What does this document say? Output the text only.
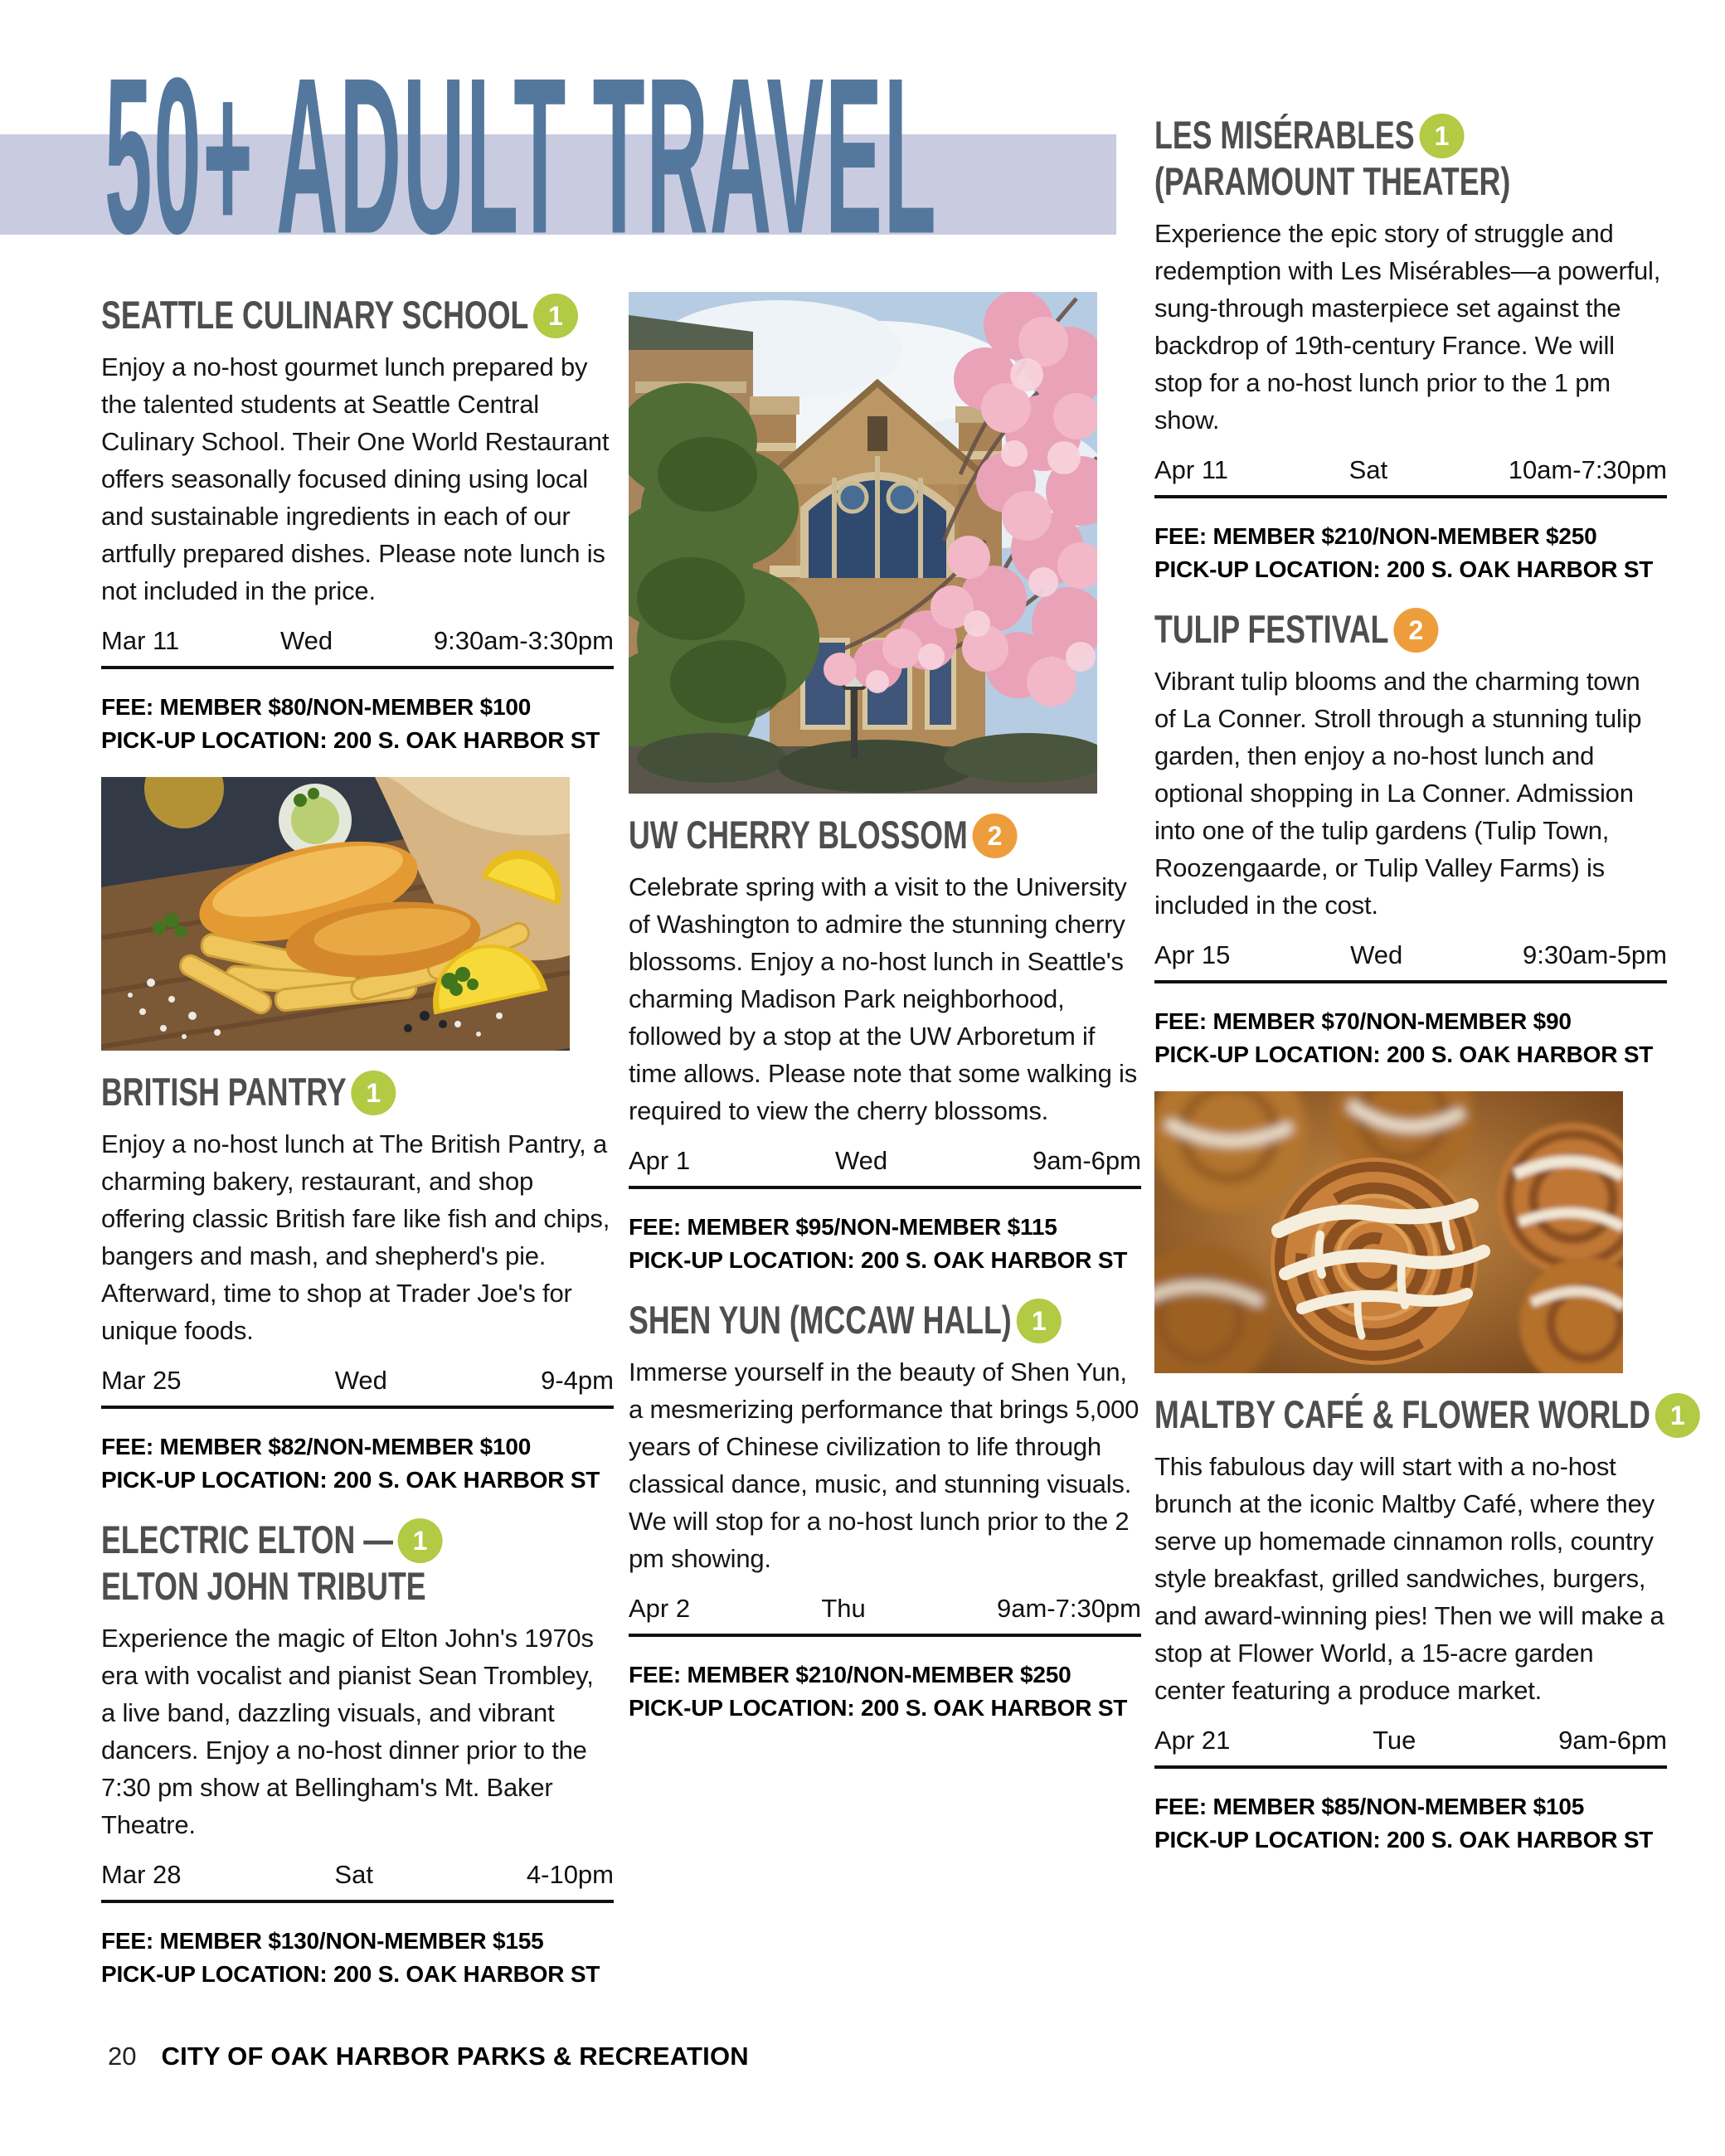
50+ ADULT TRAVEL
SEATTLE CULINARY SCHOOL 1

Enjoy a no-host gourmet lunch prepared by the talented students at Seattle Central Culinary School. Their One World Restaurant offers seasonally focused dining using local and sustainable ingredients in each of our artfully prepared dishes. Please note lunch is not included in the price.

Mar 11	Wed	9:30am-3:30pm
FEE: MEMBER $80/NON-MEMBER $100
PICK-UP LOCATION: 200 S. OAK HARBOR ST
BRITISH PANTRY 1

Enjoy a no-host lunch at The British Pantry, a charming bakery, restaurant, and shop offering classic British fare like fish and chips, bangers and mash, and shepherd's pie. Afterward, time to shop at Trader Joe's for unique foods.

Mar 25	Wed	9-4pm
FEE: MEMBER $82/NON-MEMBER $100
PICK-UP LOCATION: 200 S. OAK HARBOR ST
ELECTRIC ELTON — 1
ELTON JOHN TRIBUTE

Experience the magic of Elton John's 1970s era with vocalist and pianist Sean Trombley, a live band, dazzling visuals, and vibrant dancers. Enjoy a no-host dinner prior to the 7:30 pm show at Bellingham's Mt. Baker Theatre.

Mar 28	Sat	4-10pm
FEE: MEMBER $130/NON-MEMBER $155
PICK-UP LOCATION: 200 S. OAK HARBOR ST
UW CHERRY BLOSSOM 2

Celebrate spring with a visit to the University of Washington to admire the stunning cherry blossoms. Enjoy a no-host lunch in Seattle's charming Madison Park neighborhood, followed by a stop at the UW Arboretum if time allows. Please note that some walking is required to view the cherry blossoms.

Apr 1	Wed	9am-6pm
FEE: MEMBER $95/NON-MEMBER $115
PICK-UP LOCATION: 200 S. OAK HARBOR ST
SHEN YUN (MCCAW HALL) 1

Immerse yourself in the beauty of Shen Yun, a mesmerizing performance that brings 5,000 years of Chinese civilization to life through classical dance, music, and stunning visuals. We will stop for a no-host lunch prior to the 2 pm showing.

Apr 2	Thu	9am-7:30pm
FEE: MEMBER $210/NON-MEMBER $250
PICK-UP LOCATION: 200 S. OAK HARBOR ST
LES MISÉRABLES 1
(PARAMOUNT THEATER)

Experience the epic story of struggle and redemption with Les Misérables—a powerful, sung-through masterpiece set against the backdrop of 19th-century France. We will stop for a no-host lunch prior to the 1 pm show.

Apr 11	Sat	10am-7:30pm
FEE: MEMBER $210/NON-MEMBER $250
PICK-UP LOCATION: 200 S. OAK HARBOR ST
TULIP FESTIVAL 2

Vibrant tulip blooms and the charming town of La Conner. Stroll through a stunning tulip garden, then enjoy a no-host lunch and optional shopping in La Conner. Admission into one of the tulip gardens (Tulip Town, Roozengaarde, or Tulip Valley Farms) is included in the cost.

Apr 15	Wed	9:30am-5pm
FEE: MEMBER $70/NON-MEMBER $90
PICK-UP LOCATION: 200 S. OAK HARBOR ST
MALTBY CAFÉ & FLOWER WORLD 1

This fabulous day will start with a no-host brunch at the iconic Maltby Café, where they serve up homemade cinnamon rolls, country style breakfast, grilled sandwiches, burgers, and award-winning pies! Then we will make a stop at Flower World, a 15-acre garden center featuring a produce market.

Apr 21	Tue	9am-6pm
FEE: MEMBER $85/NON-MEMBER $105
PICK-UP LOCATION: 200 S. OAK HARBOR ST
20 CITY OF OAK HARBOR PARKS & RECREATION
